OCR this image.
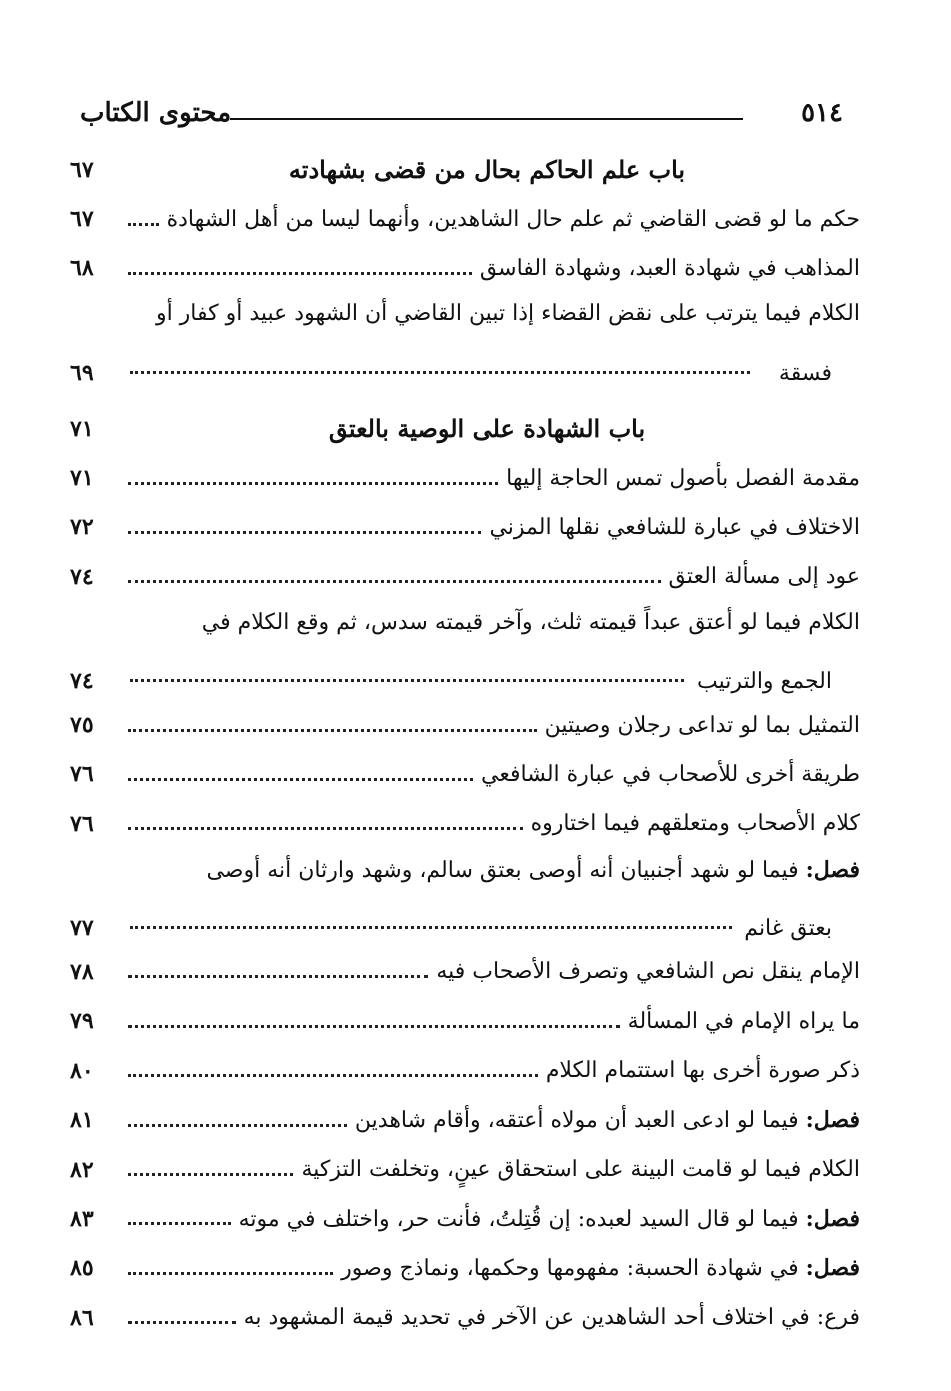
٥١٤
محتوى الكتاب
باب علم الحاكم بحال من قضى بشهادته
٦٧
حكم ما لو قضى القاضي ثم علم حال الشاهدين، وأنهما ليسا من أهل الشهادة
٦٧
المذاهب في شهادة العبد، وشهادة الفاسق
٦٨
الكلام فيما يترتب على نقض القضاء إذا تبين القاضي أن الشهود عبيد أو كفار أو
فسقة
٦٩
باب الشهادة على الوصية بالعتق
٧١
مقدمة الفصل بأصول تمس الحاجة إليها
٧١
الاختلاف في عبارة للشافعي نقلها المزني
٧٢
عود إلى مسألة العتق
٧٤
الكلام فيما لو أعتق عبداً قيمته ثلث، وآخر قيمته سدس، ثم وقع الكلام في
الجمع والترتيب
٧٤
التمثيل بما لو تداعى رجلان وصيتين
٧٥
طريقة أخرى للأصحاب في عبارة الشافعي
٧٦
كلام الأصحاب ومتعلقهم فيما اختاروه
٧٦
فصل: فيما لو شهد أجنبيان أنه أوصى بعتق سالم، وشهد وارثان أنه أوصى
بعتق غانم
٧٧
الإمام ينقل نص الشافعي وتصرف الأصحاب فيه
٧٨
ما يراه الإمام في المسألة
٧٩
ذكر صورة أخرى بها استتمام الكلام
٨٠
فصل: فيما لو ادعى العبد أن مولاه أعتقه، وأقام شاهدين
٨١
الكلام فيما لو قامت البينة على استحقاق عينٍ، وتخلفت التزكية
٨٢
فصل: فيما لو قال السيد لعبده: إن قُتِلتُ، فأنت حر، واختلف في موته
٨٣
فصل: في شهادة الحسبة: مفهومها وحكمها، ونماذج وصور
٨٥
فرع: في اختلاف أحد الشاهدين عن الآخر في تحديد قيمة المشهود به
٨٦
